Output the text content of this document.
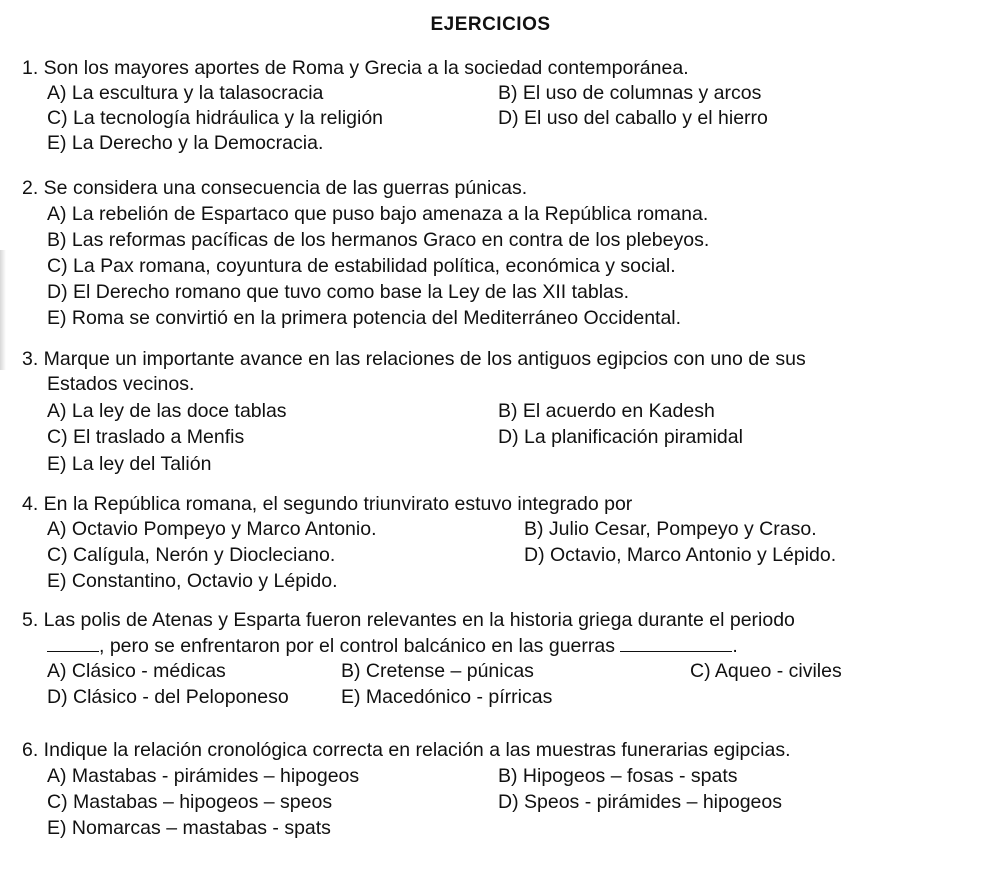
EJERCICIOS
1. Son los mayores aportes de Roma y Grecia a la sociedad contemporánea.
A) La escultura y la talasocracia	B) El uso de columnas y arcos
C) La tecnología hidráulica y la religión	D) El uso del caballo y el hierro
E) La Derecho y la Democracia.
2. Se considera una consecuencia de las guerras púnicas.
A) La rebelión de Espartaco que puso bajo amenaza a la República romana.
B) Las reformas pacíficas de los hermanos Graco en contra de los plebeyos.
C) La Pax romana, coyuntura de estabilidad política, económica y social.
D) El Derecho romano que tuvo como base la Ley de las XII tablas.
E) Roma se convirtió en la primera potencia del Mediterráneo Occidental.
3. Marque un importante avance en las relaciones de los antiguos egipcios con uno de sus
Estados vecinos.
A) La ley de las doce tablas	B) El acuerdo en Kadesh
C) El traslado a Menfis	D) La planificación piramidal
E) La ley del Talión
4. En la República romana, el segundo triunvirato estuvo integrado por
A) Octavio Pompeyo y Marco Antonio.	B) Julio Cesar, Pompeyo y Craso.
C) Calígula, Nerón y Diocleciano.	D) Octavio, Marco Antonio y Lépido.
E) Constantino, Octavio y Lépido.
5. Las polis de Atenas y Esparta fueron relevantes en la historia griega durante el periodo
, pero se enfrentaron por el control balcánico en las guerras	.
A) Clásico - médicas	B) Cretense – púnicas	C) Aqueo - civiles
D) Clásico - del Peloponeso	E) Macedónico - pírricas
6. Indique la relación cronológica correcta en relación a las muestras funerarias egipcias.
A) Mastabas - pirámides – hipogeos	B) Hipogeos – fosas - spats
C) Mastabas – hipogeos – speos	D) Speos - pirámides – hipogeos
E) Nomarcas – mastabas - spats
